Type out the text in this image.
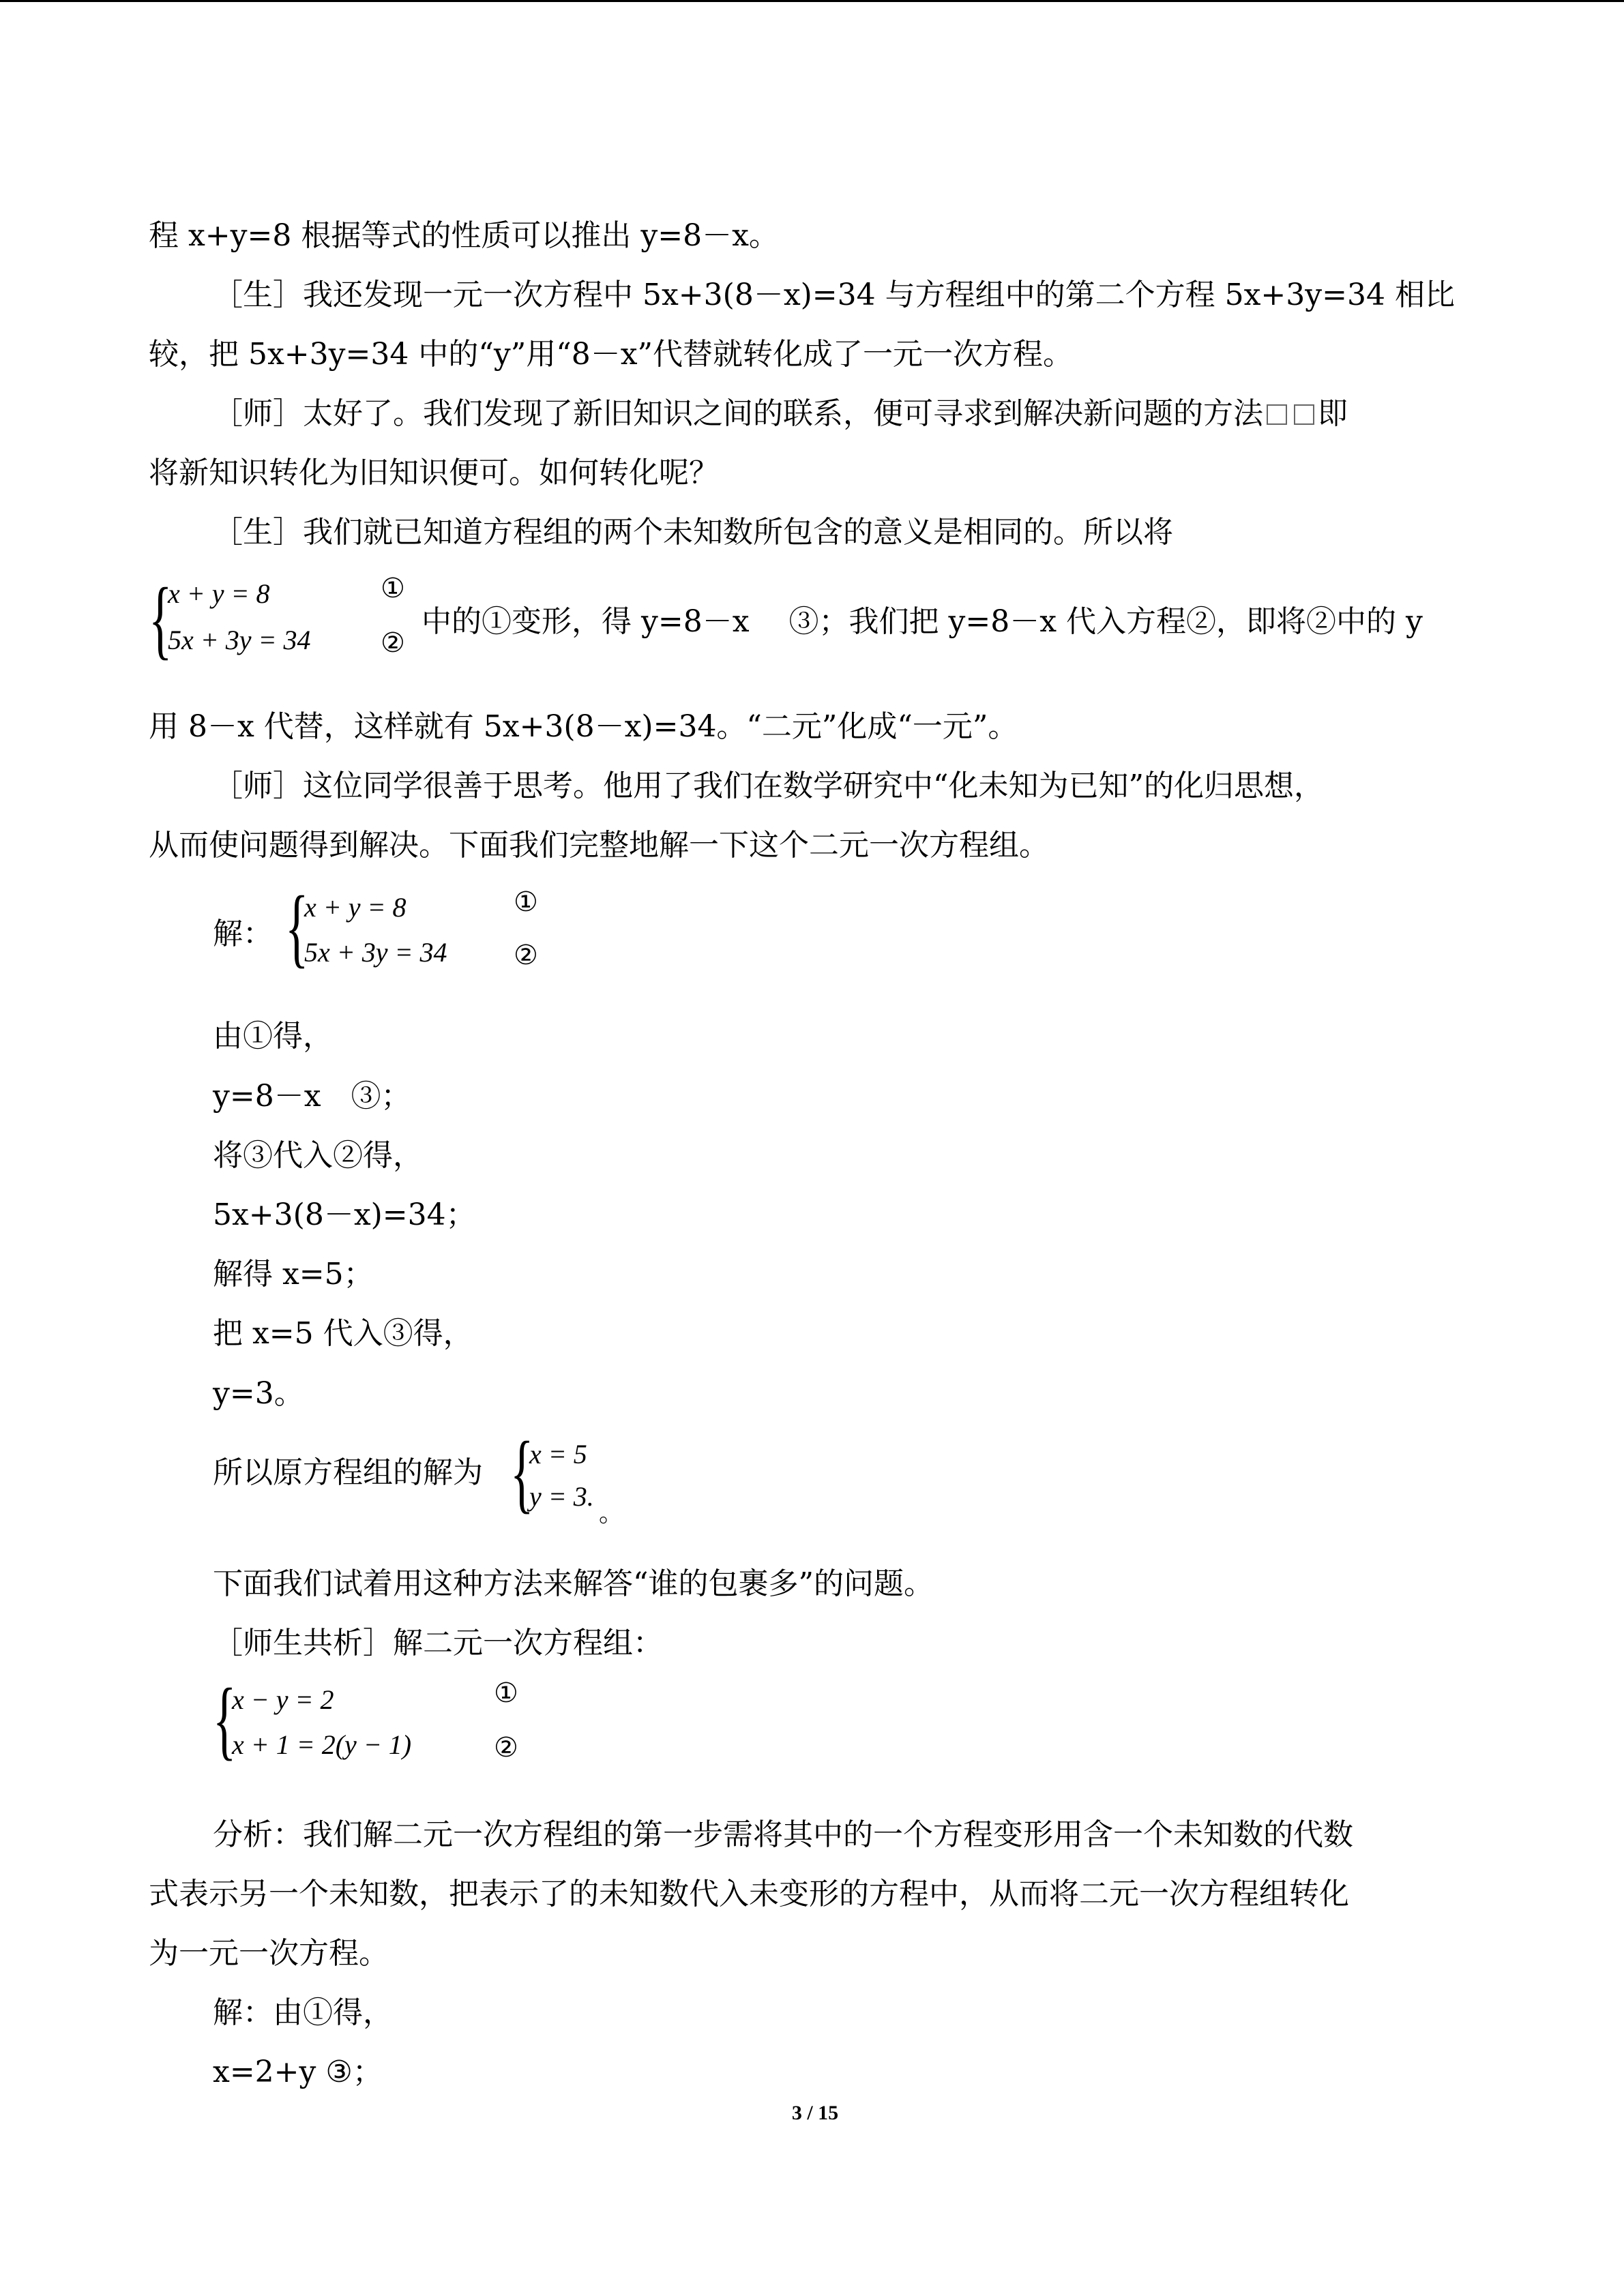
程 x+y=8 根据等式的性质可以推出 y=8－x。
［生］我还发现一元一次方程中 5x+3(8－x)=34 与方程组中的第二个方程 5x+3y=34 相比
较，把 5x+3y=34 中的“y”用“8－x”代替就转化成了一元一次方程。
［师］太好了。我们发现了新旧知识之间的联系，便可寻求到解决新问题的方法 即
将新知识转化为旧知识便可。如何转化呢？
［生］我们就已知道方程组的两个未知数所包含的意义是相同的。所以将
{
x + y = 8
5x + 3y = 34
①
②
中的①变形，得 y=8－x　 ③；我们把 y=8－x 代入方程②，即将②中的 y
用 8－x 代替，这样就有 5x+3(8－x)=34。“二元”化成“一元”。
［师］这位同学很善于思考。他用了我们在数学研究中“化未知为已知”的化归思想，
从而使问题得到解决。下面我们完整地解一下这个二元一次方程组。
解： {
x + y = 8
5x + 3y = 34
①
②
由①得，
y=8－x　③；
将③代入②得，
5x+3(8－x)=34；
解得 x=5；
把 x=5 代入③得，
y=3。
所以原方程组的解为 {
x = 5
y = 3.
。
下面我们试着用这种方法来解答“谁的包裹多”的问题。
［师生共析］解二元一次方程组：
{
x − y = 2
x + 1 = 2(y − 1)
①
②
分析：我们解二元一次方程组的第一步需将其中的一个方程变形用含一个未知数的代数
式表示另一个未知数，把表示了的未知数代入未变形的方程中，从而将二元一次方程组转化
为一元一次方程。
解：由①得，
x=2+y ③；
3 / 15
